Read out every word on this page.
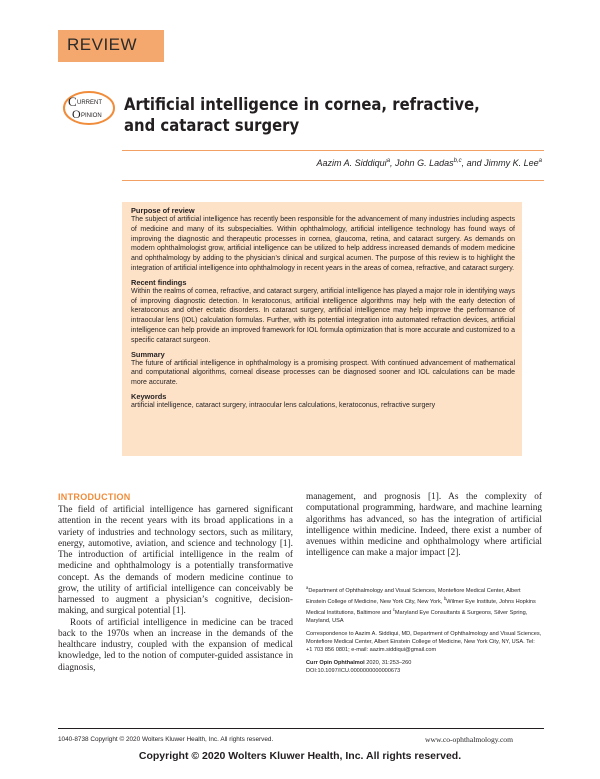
REVIEW
C URRENT
O PINION
Artificial intelligence in cornea, refractive, and cataract surgery
Aazim A. Siddiqui$^a$, John G. Ladas$^{b,c}$, and Jimmy K. Lee$^a$
Purpose of review
The subject of artificial intelligence has recently been responsible for the advancement of many industries including aspects of medicine and many of its subspecialties. Within ophthalmology, artificial intelligence technology has found ways of improving the diagnostic and therapeutic processes in cornea, glaucoma, retina, and cataract surgery. As demands on modern ophthalmologist grow, artificial intelligence can be utilized to help address increased demands of modern medicine and ophthalmology by adding to the physician’s clinical and surgical acumen. The purpose of this review is to highlight the integration of artificial intelligence into ophthalmology in recent years in the areas of cornea, refractive, and cataract surgery.
Recent findings
Within the realms of cornea, refractive, and cataract surgery, artificial intelligence has played a major role in identifying ways of improving diagnostic detection. In keratoconus, artificial intelligence algorithms may help with the early detection of keratoconus and other ectatic disorders. In cataract surgery, artificial intelligence may help improve the performance of intraocular lens (IOL) calculation formulas. Further, with its potential integration into automated refraction devices, artificial intelligence can help provide an improved framework for IOL formula optimization that is more accurate and customized to a specific cataract surgeon.
Summary
The future of artificial intelligence in ophthalmology is a promising prospect. With continued advancement of mathematical and computational algorithms, corneal disease processes can be diagnosed sooner and IOL calculations can be made more accurate.
Keywords
artificial intelligence, cataract surgery, intraocular lens calculations, keratoconus, refractive surgery
INTRODUCTION
The field of artificial intelligence has garnered significant attention in the recent years with its broad applications in a variety of industries and technology sectors, such as military, energy, automotive, aviation, and science and technology [1]. The introduction of artificial intelligence in the realm of medicine and ophthalmology is a potentially transformative concept. As the demands of modern medicine continue to grow, the utility of artificial intelligence can conceivably be harnessed to augment a physician’s cognitive, decision-making, and surgical potential [1].
Roots of artificial intelligence in medicine can be traced back to the 1970s when an increase in the demands of the healthcare industry, coupled with the expansion of medical knowledge, led to the notion of computer-guided assistance in diagnosis,
management, and prognosis [1]. As the complexity of computational programming, hardware, and machine learning algorithms has advanced, so has the integration of artificial intelligence within medicine. Indeed, there exist a number of avenues within medicine and ophthalmology where artificial intelligence can make a major impact [2].
$^a$Department of Ophthalmology and Visual Sciences, Montefiore Medical Center, Albert Einstein College of Medicine, New York City, New York, $^b$Wilmer Eye Institute, Johns Hopkins Medical Institutions, Baltimore and $^c$Maryland Eye Consultants & Surgeons, Silver Spring, Maryland, USA
Correspondence to Aazim A. Siddiqui, MD, Department of Ophthalmology and Visual Sciences, Montefiore Medical Center, Albert Einstein College of Medicine, New York City, NY, USA. Tel: +1 703 856 0801; e-mail: aazim.siddiqui@gmail.com
Curr Opin Ophthalmol 2020, 31:253–260
DOI:10.1097/ICU.0000000000000673
1040-8738 Copyright © 2020 Wolters Kluwer Health, Inc. All rights reserved.	www.co-ophthalmology.com
Copyright © 2020 Wolters Kluwer Health, Inc. All rights reserved.
